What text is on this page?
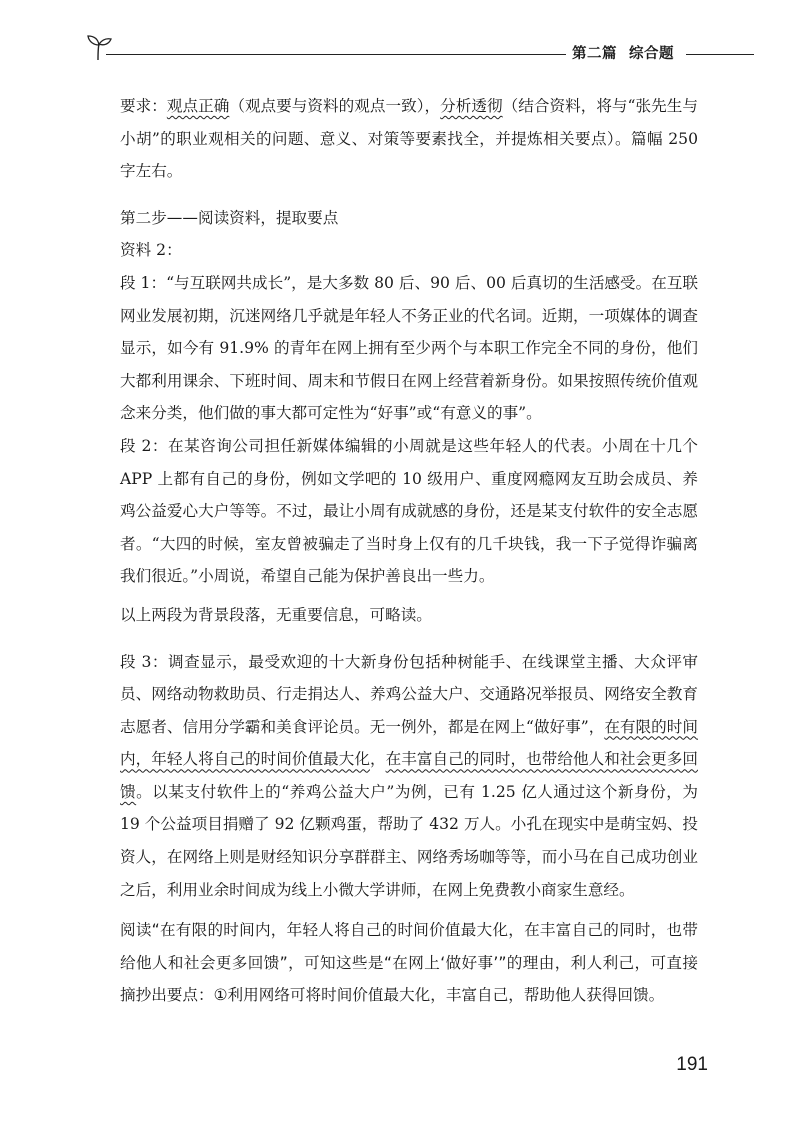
第二篇 综合题

要求：观点正确（观点要与资料的观点一致），分析透彻（结合资料，将与“张先生与小胡”的职业观相关的问题、意义、对策等要素找全，并提炼相关要点）。篇幅 250 字左右。

第二步——阅读资料，提取要点

资料 2：

段 1：“与互联网共成长”，是大多数 80 后、90 后、00 后真切的生活感受。在互联网业发展初期，沉迷网络几乎就是年轻人不务正业的代名词。近期，一项媒体的调查显示，如今有 91.9% 的青年在网上拥有至少两个与本职工作完全不同的身份，他们大都利用课余、下班时间、周末和节假日在网上经营着新身份。如果按照传统价值观念来分类，他们做的事大都可定性为“好事”或“有意义的事”。

段 2：在某咨询公司担任新媒体编辑的小周就是这些年轻人的代表。小周在十几个 APP 上都有自己的身份，例如文学吧的 10 级用户、重度网瘾网友互助会成员、养鸡公益爱心大户等等。不过，最让小周有成就感的身份，还是某支付软件的安全志愿者。“大四的时候，室友曾被骗走了当时身上仅有的几千块钱，我一下子觉得诈骗离我们很近。”小周说，希望自己能为保护善良出一些力。

以上两段为背景段落，无重要信息，可略读。

段 3：调查显示，最受欢迎的十大新身份包括种树能手、在线课堂主播、大众评审员、网络动物救助员、行走捐达人、养鸡公益大户、交通路况举报员、网络安全教育志愿者、信用分学霸和美食评论员。无一例外，都是在网上“做好事”，在有限的时间内，年轻人将自己的时间价值最大化，在丰富自己的同时，也带给他人和社会更多回馈。以某支付软件上的“养鸡公益大户”为例，已有 1.25 亿人通过这个新身份，为 19 个公益项目捐赠了 92 亿颗鸡蛋，帮助了 432 万人。小孔在现实中是萌宝妈、投资人，在网络上则是财经知识分享群群主、网络秀场咖等等，而小马在自己成功创业之后，利用业余时间成为线上小微大学讲师，在网上免费教小商家生意经。

阅读“在有限的时间内，年轻人将自己的时间价值最大化，在丰富自己的同时，也带给他人和社会更多回馈”，可知这些是“在网上‘做好事’”的理由，利人利己，可直接摘抄出要点：①利用网络可将时间价值最大化，丰富自己，帮助他人获得回馈。

191
